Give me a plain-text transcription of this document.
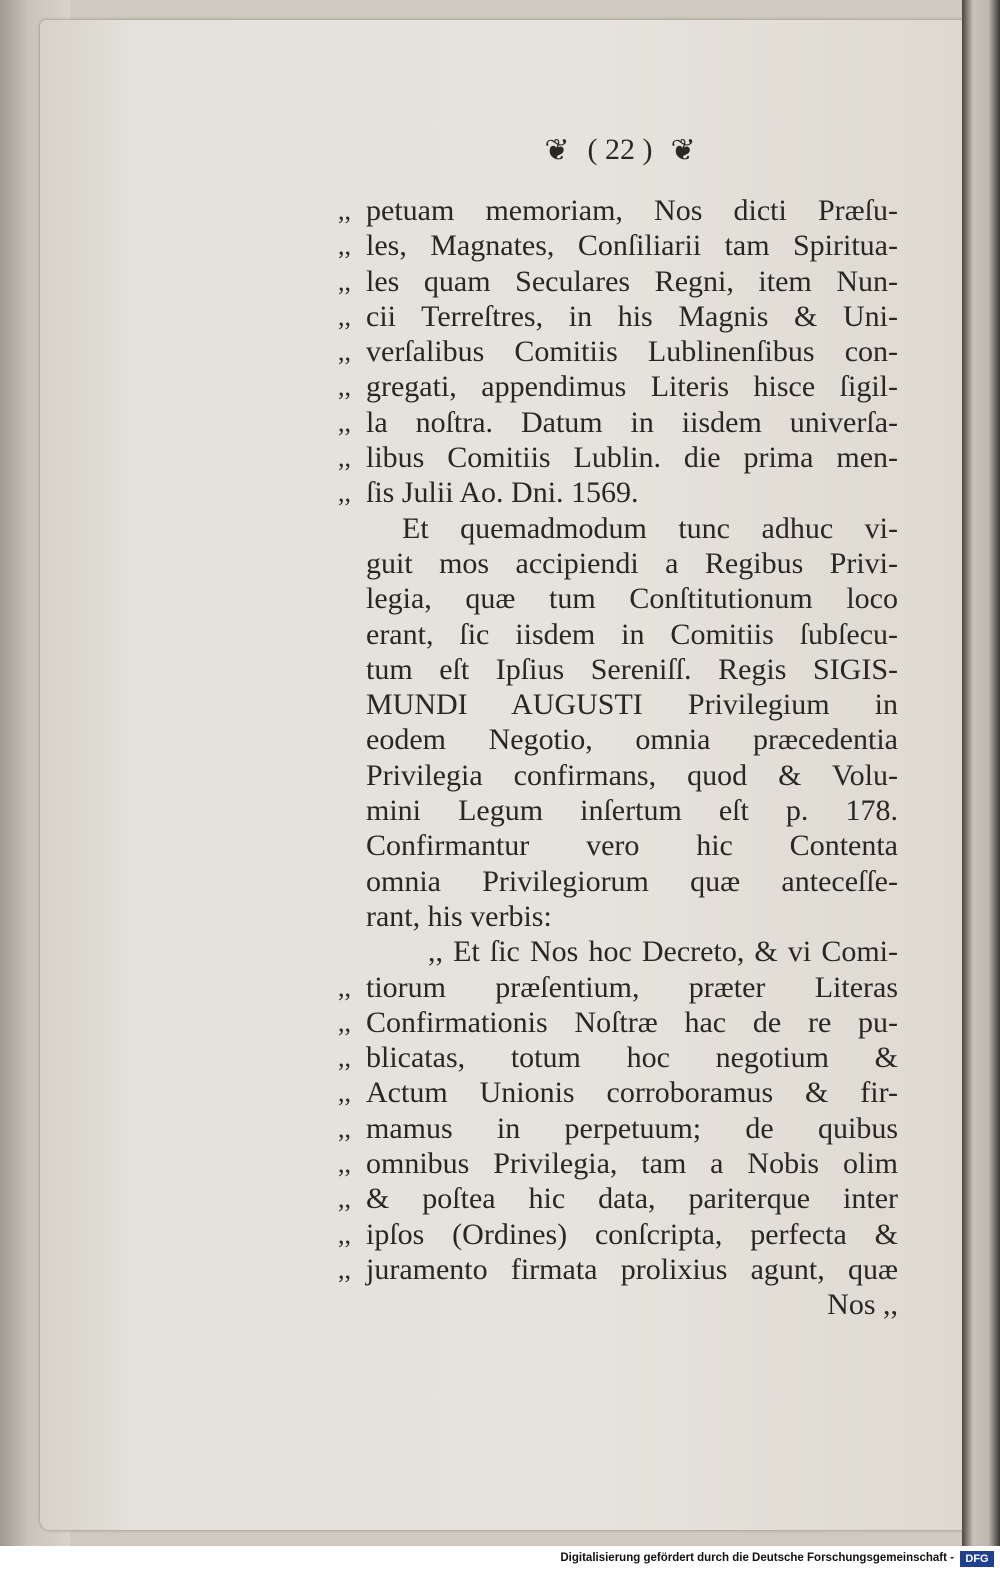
❦ ( 22 ) ❦
,, petuam memoriam, Nos dicti Præſu-
,, les, Magnates, Conſiliarii tam Spiritua-
,, les quam Seculares Regni, item Nun-
,, cii Terreſtres, in his Magnis & Uni-
,, verſalibus Comitiis Lublinenſibus con-
,, gregati, appendimus Literis hisce ſigil-
,, la noſtra. Datum in iisdem univerſa-
,, libus Comitiis Lublin. die prima men-
,, ſis Julii Ao. Dni. 1569.
Et quemadmodum tunc adhuc vi-
guit mos accipiendi a Regibus Privi-
legia, quæ tum Conſtitutionum loco
erant, ſic iisdem in Comitiis ſubſecu-
tum eſt Ipſius Sereniſſ. Regis SIGIS-
MUNDI AUGUSTI Privilegium in
eodem Negotio, omnia præcedentia
Privilegia confirmans, quod & Volu-
mini Legum inſertum eſt p. 178.
Confirmantur vero hic Contenta
omnia Privilegiorum quæ anteceſſe-
rant, his verbis:
,, Et ſic Nos hoc Decreto, & vi Comi-
,, tiorum præſentium, præter Literas
,, Confirmationis Noſtræ hac de re pu-
,, blicatas, totum hoc negotium &
,, Actum Unionis corroboramus & fir-
,, mamus in perpetuum; de quibus
,, omnibus Privilegia, tam a Nobis olim
,, & poſtea hic data, pariterque inter
,, ipſos (Ordines) conſcripta, perfecta &
,, juramento firmata prolixius agunt, quæ
Nos ,,
Digitalisierung gefördert durch die Deutsche Forschungsgemeinschaft -	DFG
